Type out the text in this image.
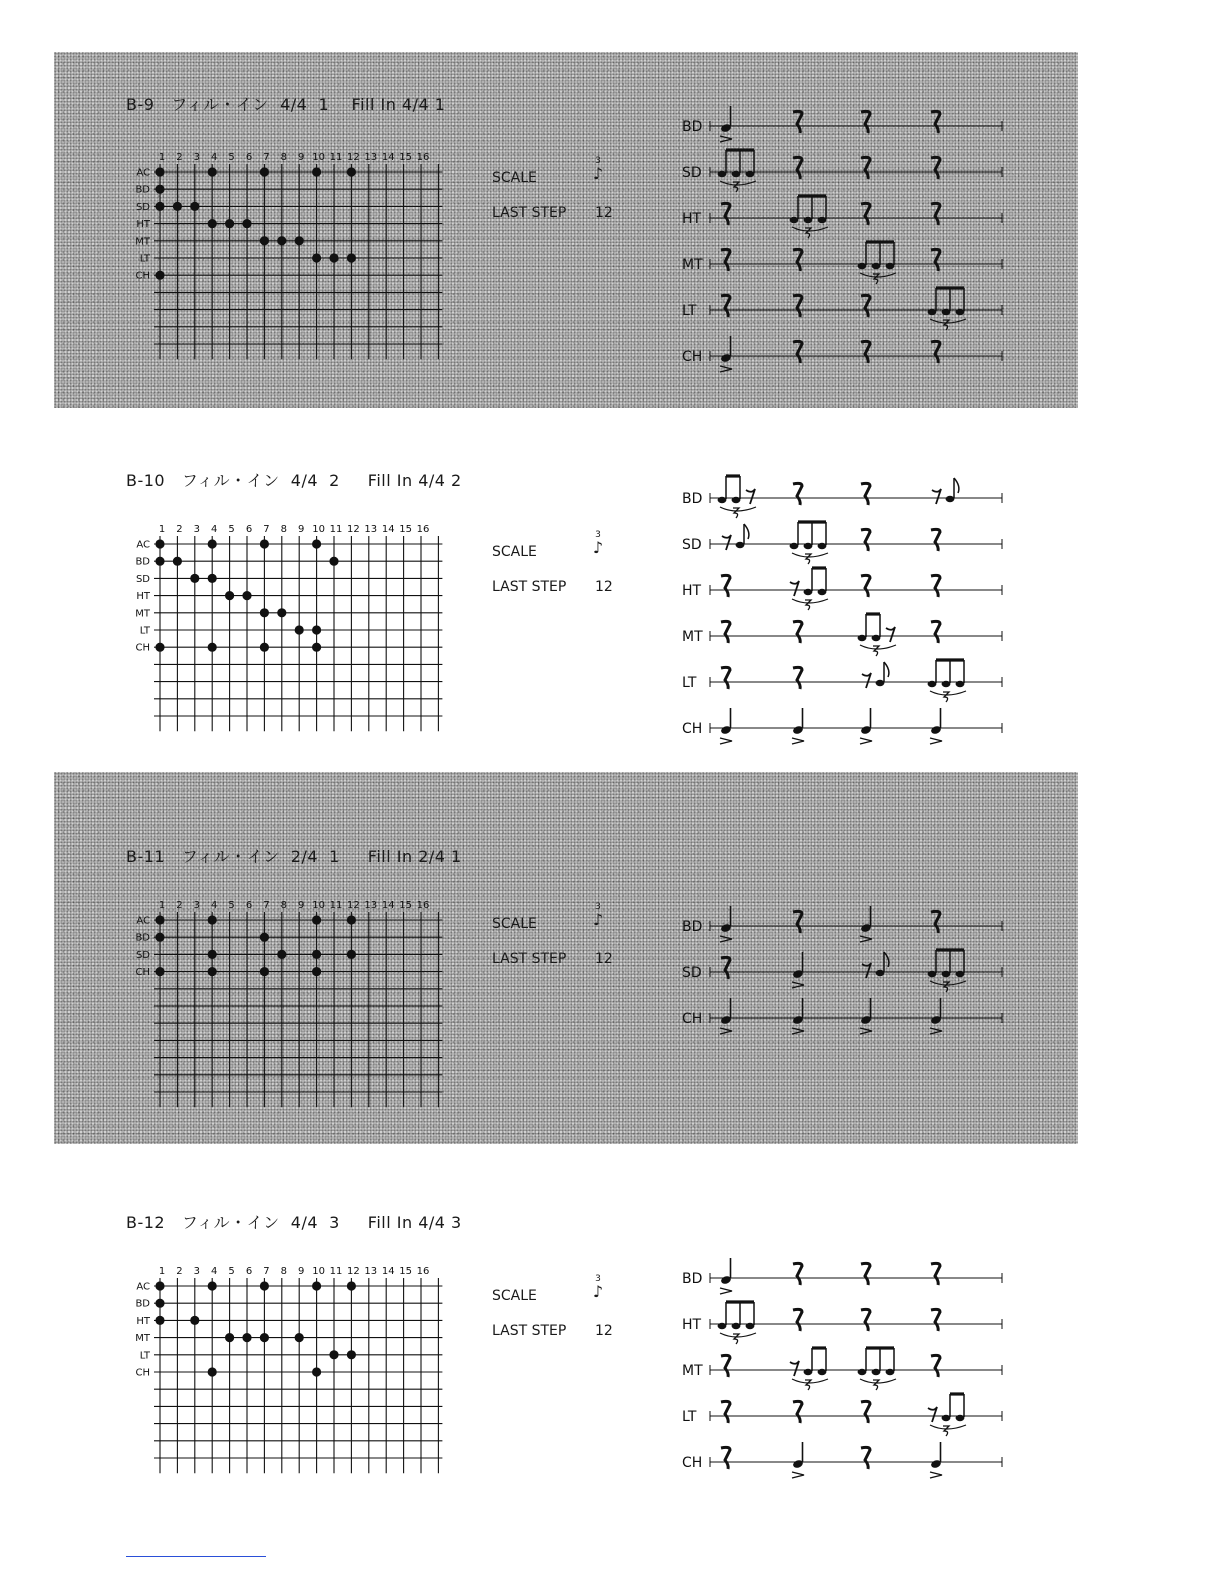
B-9   フィル・イン  4/4  1    Fill In 4/4 1
1 2 3 4 5 6 7 8 9 10 11 12 13 14 15 16
AC
BD
SD
HT
MT
LT
CH
SCALE
3
♪
LAST STEP 12
BD
SD
HT
MT
LT
CH
B-10   フィル・イン  4/4  2     Fill In 4/4 2
1 2 3 4 5 6 7 8 9 10 11 12 13 14 15 16
AC
BD
SD
HT
MT
LT
CH
SCALE
3
♪
LAST STEP 12
BD
SD
HT
MT
LT
CH
B-11   フィル・イン  2/4  1     Fill In 2/4 1
1 2 3 4 5 6 7 8 9 10 11 12 13 14 15 16
AC
BD
SD
CH
SCALE
3
♪
LAST STEP 12
BD
SD
CH
B-12   フィル・イン  4/4  3     Fill In 4/4 3
1 2 3 4 5 6 7 8 9 10 11 12 13 14 15 16
AC
BD
HT
MT
LT
CH
SCALE
3
♪
LAST STEP 12
BD
HT
MT
LT
CH
